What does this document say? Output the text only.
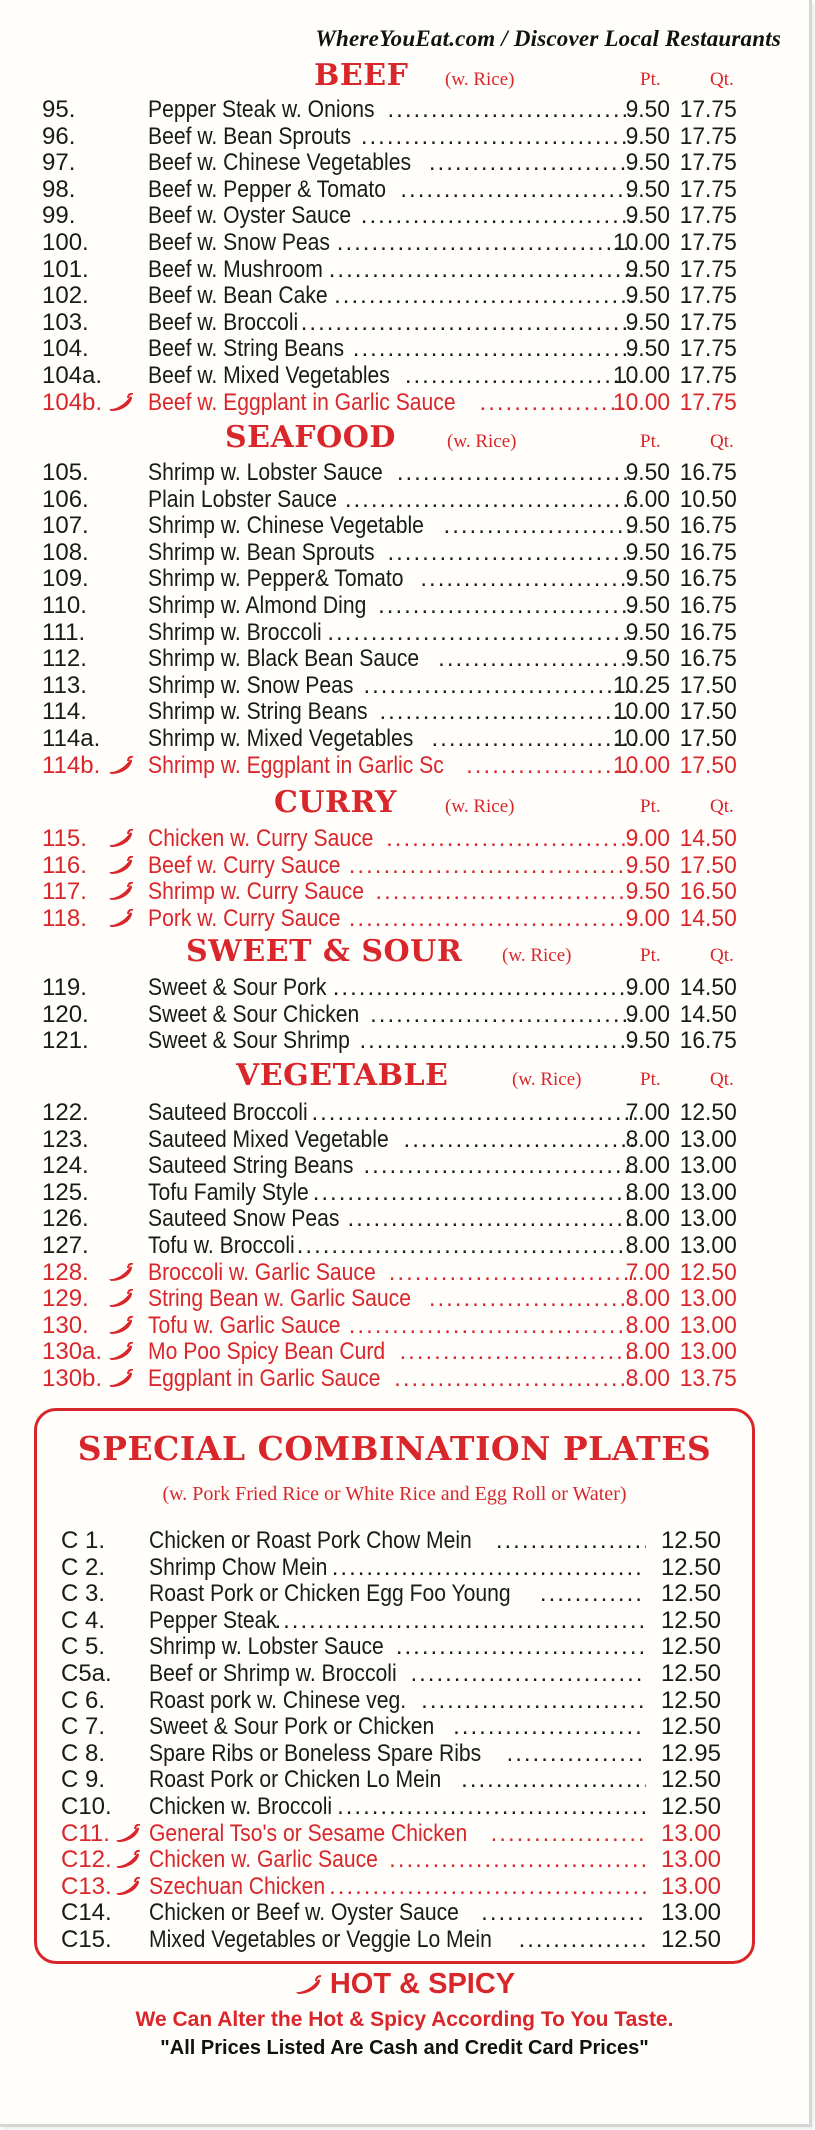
WhereYouEat.com / Discover Local Restaurants
BEEF (w. Rice)	Pt.	Qt.
95.	Pepper Steak w. Onions .....	9.50 17.75
96.	Beef w. Bean Sprouts .....	9.50 17.75
97.	Beef w. Chinese Vegetables .....	9.50 17.75
98.	Beef w. Pepper & Tomato .....	9.50 17.75
99.	Beef w. Oyster Sauce .....	9.50 17.75
100. Beef w. Snow Peas .....	10.00 17.75
101. Beef w. Mushroom .....	9.50 17.75
102. Beef w. Bean Cake .....	9.50 17.75
103. Beef w. Broccoli .....	9.50 17.75
104. Beef w. String Beans .....	9.50 17.75
104a. Beef w. Mixed Vegetables .....	10.00 17.75
104b. Beef w. Eggplant in Garlic Sauce .....	10.00 17.75
SEAFOOD	(w. Rice)	Pt.	Qt.
105. Shrimp w. Lobster Sauce .....	9.50 16.75
106. Plain Lobster Sauce .....	6.00 10.50
107. Shrimp w. Chinese Vegetable .....	9.50 16.75
108. Shrimp w. Bean Sprouts .....	9.50 16.75
109. Shrimp w. Pepper& Tomato .....	9.50 16.75
110.	Shrimp w. Almond Ding .....	9.50 16.75
111.	Shrimp w. Broccoli .....	9.50 16.75
112.	Shrimp w. Black Bean Sauce .....	9.50 16.75
113.	Shrimp w. Snow Peas .....	10.25 17.50
114.	Shrimp w. String Beans .....	10.00 17.50
114a. Shrimp w. Mixed Vegetables .....	10.00 17.50
114b. Shrimp w. Eggplant in Garlic Sc .....	10.00 17.50
CURRY	(w. Rice)	Pt.	Qt.
115.	Chicken w. Curry Sauce .....	9.00 14.50
116.	Beef w. Curry Sauce .....	9.50 17.50
117.	Shrimp w. Curry Sauce .....	9.50 16.50
118.	Pork w. Curry Sauce .....	9.00 14.50
SWEET & SOUR (w. Rice)	Pt.	Qt.
119.	Sweet & Sour Pork .....	9.00 14.50
120. Sweet & Sour Chicken .....	9.00 14.50
121. Sweet & Sour Shrimp .....	9.50 16.75
VEGETABLE	(w. Rice)	Pt.	Qt.
122. Sauteed Broccoli .....	7.00 12.50
123. Sauteed Mixed Vegetable .....	8.00 13.00
124. Sauteed String Beans .....	8.00 13.00
125. Tofu Family Style .....	8.00 13.00
126. Sauteed Snow Peas .....	8.00 13.00
127. Tofu w. Broccoli .....	8.00 13.00
128. Broccoli w. Garlic Sauce .....	7.00 12.50
129. String Bean w. Garlic Sauce .....	8.00 13.00
130. Tofu w. Garlic Sauce .....	8.00 13.00
130a. Mo Poo Spicy Bean Curd .....	8.00 13.00
130b. Eggplant in Garlic Sauce .....	8.00 13.75
SPECIAL COMBINATION PLATES
(w. Pork Fried Rice or White Rice and Egg Roll or Water)
C 1. Chicken or Roast Pork Chow Mein .....	12.50
C 2. Shrimp Chow Mein .....	12.50
C 3. Roast Pork or Chicken Egg Foo Young .....	12.50
C 4. Pepper Steak .....	12.50
C 5. Shrimp w. Lobster Sauce .....	12.50
C5a. Beef or Shrimp w. Broccoli .....	12.50
C 6. Roast pork w. Chinese veg. .....	12.50
C 7. Sweet & Sour Pork or Chicken .....	12.50
C 8. Spare Ribs or Boneless Spare Ribs .....	12.95
C 9. Roast Pork or Chicken Lo Mein .....	12.50
C10. Chicken w. Broccoli .....	12.50
C11. General Tso's or Sesame Chicken .....	13.00
C12. Chicken w. Garlic Sauce .....	13.00
C13. Szechuan Chicken .....	13.00
C14. Chicken or Beef w. Oyster Sauce .....	13.00
C15. Mixed Vegetables or Veggie Lo Mein .....	12.50
HOT & SPICY
We Can Alter the Hot & Spicy According To You Taste.
"All Prices Listed Are Cash and Credit Card Prices"
